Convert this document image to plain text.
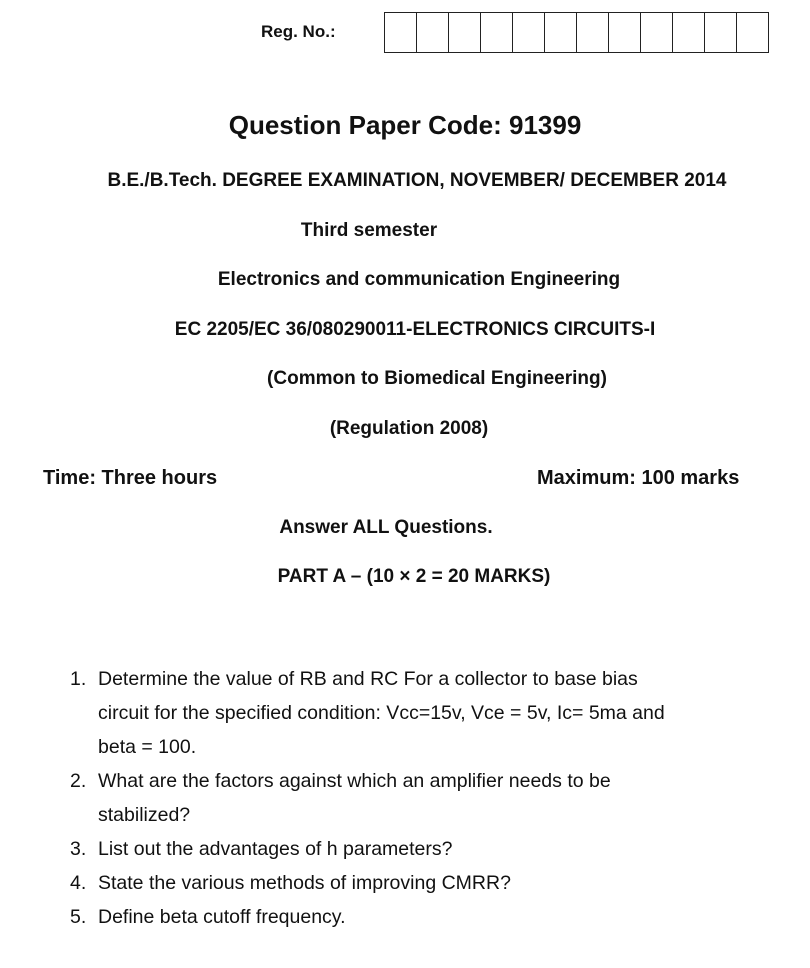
Reg. No.:
Question Paper Code: 91399
B.E./B.Tech. DEGREE EXAMINATION, NOVEMBER/ DECEMBER 2014
Third semester
Electronics and communication Engineering
EC 2205/EC 36/080290011-ELECTRONICS CIRCUITS-I
(Common to Biomedical Engineering)
(Regulation 2008)
Time: Three hours	Maximum: 100 marks
Answer ALL Questions.
PART A – (10 × 2 = 20 MARKS)
1. Determine the value of RB and RC For a collector to base bias
circuit for the specified condition: Vcc=15v, Vce = 5v, Ic= 5ma and
beta = 100.
2. What are the factors against which an amplifier needs to be
stabilized?
3. List out the advantages of h parameters?
4. State the various methods of improving CMRR?
5. Define beta cutoff frequency.
